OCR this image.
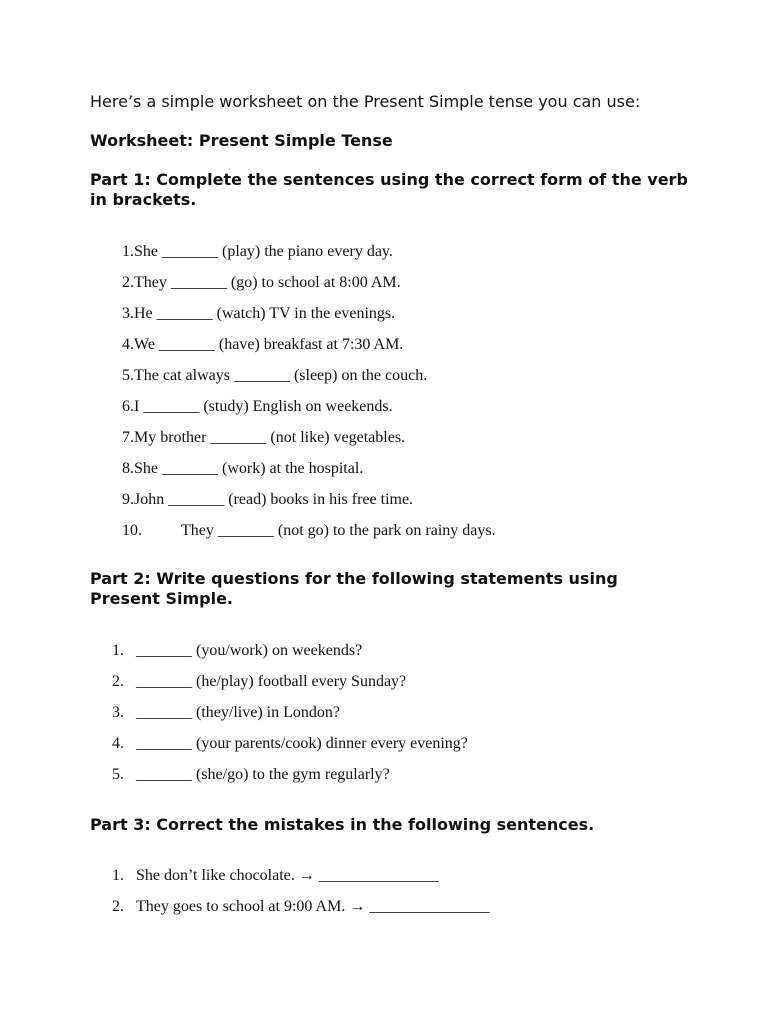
Here’s a simple worksheet on the Present Simple tense you can use:
Worksheet: Present Simple Tense
Part 1: Complete the sentences using the correct form of the verb in brackets.
1.She _______ (play) the piano every day.
2.They _______ (go) to school at 8:00 AM.
3.He _______ (watch) TV in the evenings.
4.We _______ (have) breakfast at 7:30 AM.
5.The cat always _______ (sleep) on the couch.
6.I _______ (study) English on weekends.
7.My brother _______ (not like) vegetables.
8.She _______ (work) at the hospital.
9.John _______ (read) books in his free time.
10. They _______ (not go) to the park on rainy days.
Part 2: Write questions for the following statements using Present Simple.
1. _______ (you/work) on weekends?
2. _______ (he/play) football every Sunday?
3. _______ (they/live) in London?
4. _______ (your parents/cook) dinner every evening?
5. _______ (she/go) to the gym regularly?
Part 3: Correct the mistakes in the following sentences.
1. She don’t like chocolate. → _______________
2. They goes to school at 9:00 AM. → _______________
